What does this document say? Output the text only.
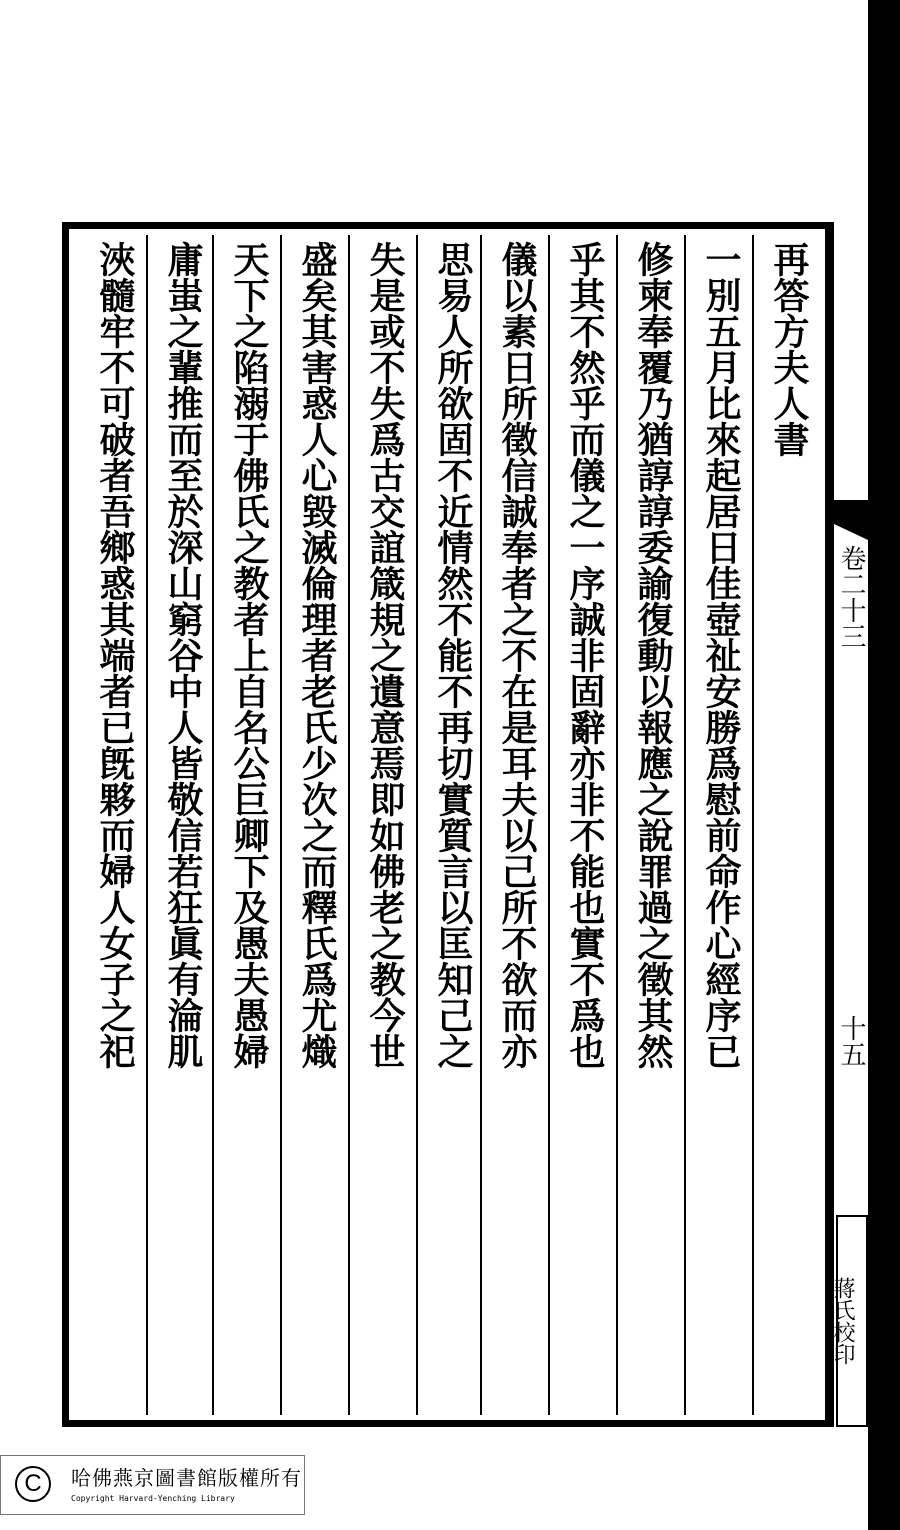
再答方夫人書
一別五月比來起居日佳壺祉安勝爲慰前命作心經序已
修柬奉覆乃猶諄諄委諭復動以報應之說罪過之徵其然
乎其不然乎而儀之一序誠非固辭亦非不能也實不爲也
儀以素日所徵信誠奉者之不在是耳夫以己所不欲而亦
思易人所欲固不近情然不能不再切實質言以匡知己之
失是或不失爲古交誼箴規之遺意焉即如佛老之教今世
盛矣其害惑人心毀滅倫理者老氏少次之而釋氏爲尤熾
天下之陷溺于佛氏之教者上自名公巨卿下及愚夫愚婦
庸蚩之輩推而至於深山窮谷中人皆敬信若狂眞有淪肌
浹髓牢不可破者吾鄉惑其端者已旣夥而婦人女子之祀	卷二十三
十五
蔣氏校印
C	哈佛燕京圖書館版權所有
Copyright Harvard-Yenching Library
